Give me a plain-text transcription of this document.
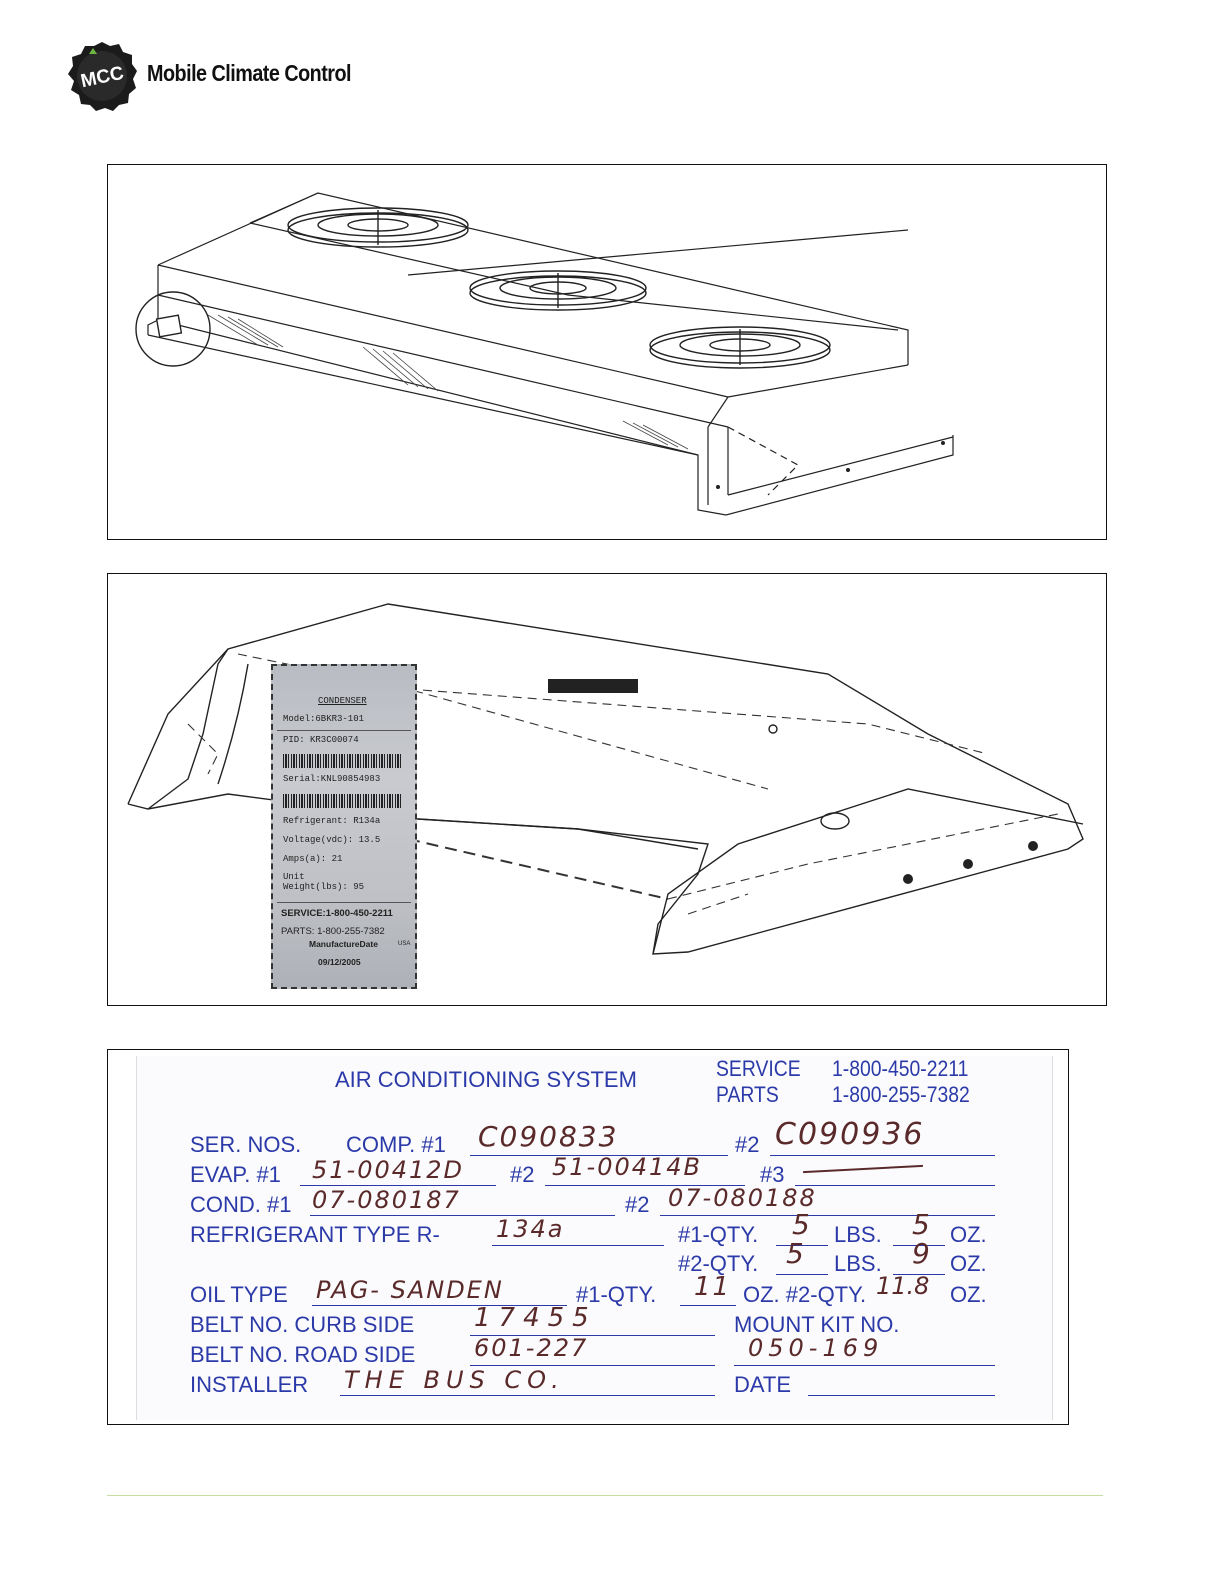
MCC Mobile Climate Control
CONDENSER
Model:6BKR3-101
PID: KR3C00074
Serial:KNL90854983
Refrigerant: R134a
Voltage(vdc): 13.5
Amps(a): 21
Unit
Weight(lbs): 95
SERVICE:1-800-450-2211
PARTS: 1-800-255-7382
ManufactureDate	USA
09/12/2005
AIR CONDITIONING SYSTEM	SERVICE 1-800-450-2211
PARTS 1-800-255-7382
SER. NOS. COMP. #1 C090833	#2 C090936
EVAP. #1 51-00412D #2 51-00414B	#3
COND. #1 07-080187	#2 07-080188
REFRIGERANT TYPE R- 134a	#1-QTY. 5 LBS. 5 OZ.
#2-QTY. 5 LBS. 9 OZ.
OIL TYPE PAG- SANDEN	#1-QTY. 11 OZ. #2-QTY. 11.8 OZ.
BELT NO. CURB SIDE 17455	MOUNT KIT NO.
BELT NO. ROAD SIDE 601-227	050-169
INSTALLER THE BUS CO.	DATE
